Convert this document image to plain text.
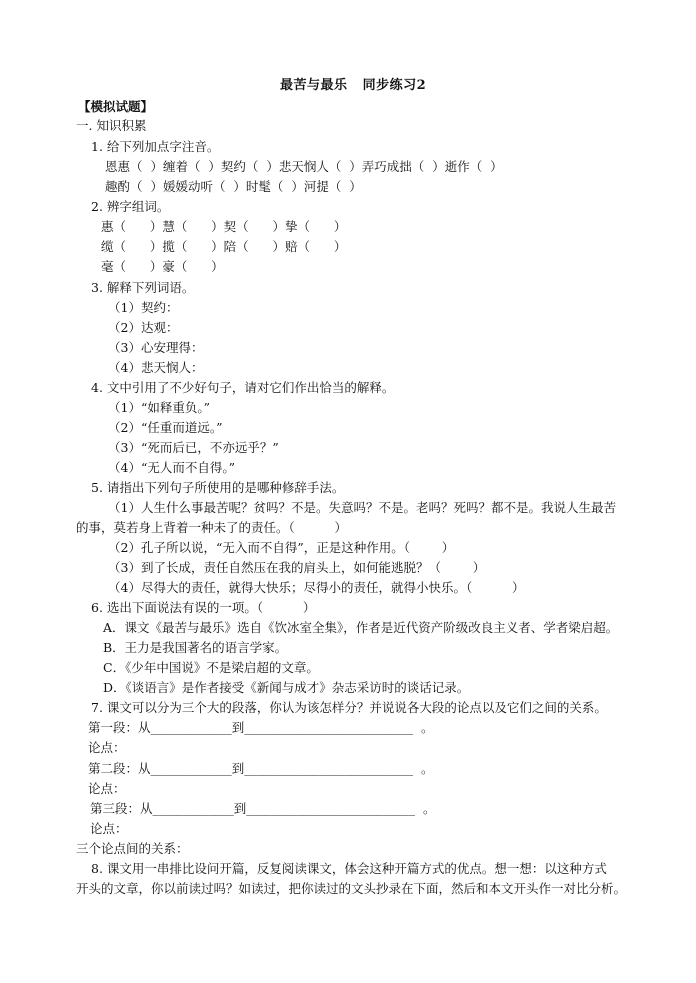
最苦与最乐   同步练习2
【模拟试题】
一. 知识积累
1. 给下列加点字注音。
恩惠（  ）缠着（  ）契约（  ）悲天悯人（  ）弄巧成拙（  ）逝作（  ）
趣酌（  ）媛媛动听（  ）时髦（  ）河提（  ）
2. 辨字组词。
惠（      ）慧（      ）契（      ）挚（      ）
缆（      ）揽（      ）陪（      ）赔（      ）
毫（      ）豪（      ）
3. 解释下列词语。
（1）契约：
（2）达观：
（3）心安理得：
（4）悲天悯人：
4. 文中引用了不少好句子，请对它们作出恰当的解释。
（1）“如释重负。”
（2）“任重而道远。”
（3）“死而后已，不亦远乎？”
（4）“无人而不自得。”
5. 请指出下列句子所使用的是哪种修辞手法。
（1）人生什么事最苦呢？贫吗？不是。失意吗？不是。老吗？死吗？都不是。我说人生最苦
的事，莫若身上背着一种未了的责任。（          ）
（2）孔子所以说，“无入而不自得”，正是这种作用。（        ）
（3）到了长成，责任自然压在我的肩头上，如何能逃脱？（        ）
（4）尽得大的责任，就得大快乐；尽得小的责任，就得小快乐。（          ）
6. 选出下面说法有误的一项。（          ）
A．课文《最苦与最乐》选自《饮冰室全集》，作者是近代资产阶级改良主义者、学者梁启超。
B．王力是我国著名的语言学家。
C．《少年中国说》不是梁启超的文章。
D．《谈语言》是作者接受《新闻与成才》杂志采访时的谈话记录。
7. 课文可以分为三个大的段落，你认为该怎样分？并说说各大段的论点以及它们之间的关系。
第一段：从_____________到___________________________  。
论点：
第二段：从_____________到___________________________  。
论点：
第三段：从_____________到___________________________  。
论点：
三个论点间的关系：
8. 课文用一串排比设问开篇，反复阅读课文，体会这种开篇方式的优点。想一想：以这种方式
开头的文章，你以前读过吗？如读过，把你读过的文头抄录在下面，然后和本文开头作一对比分析。
